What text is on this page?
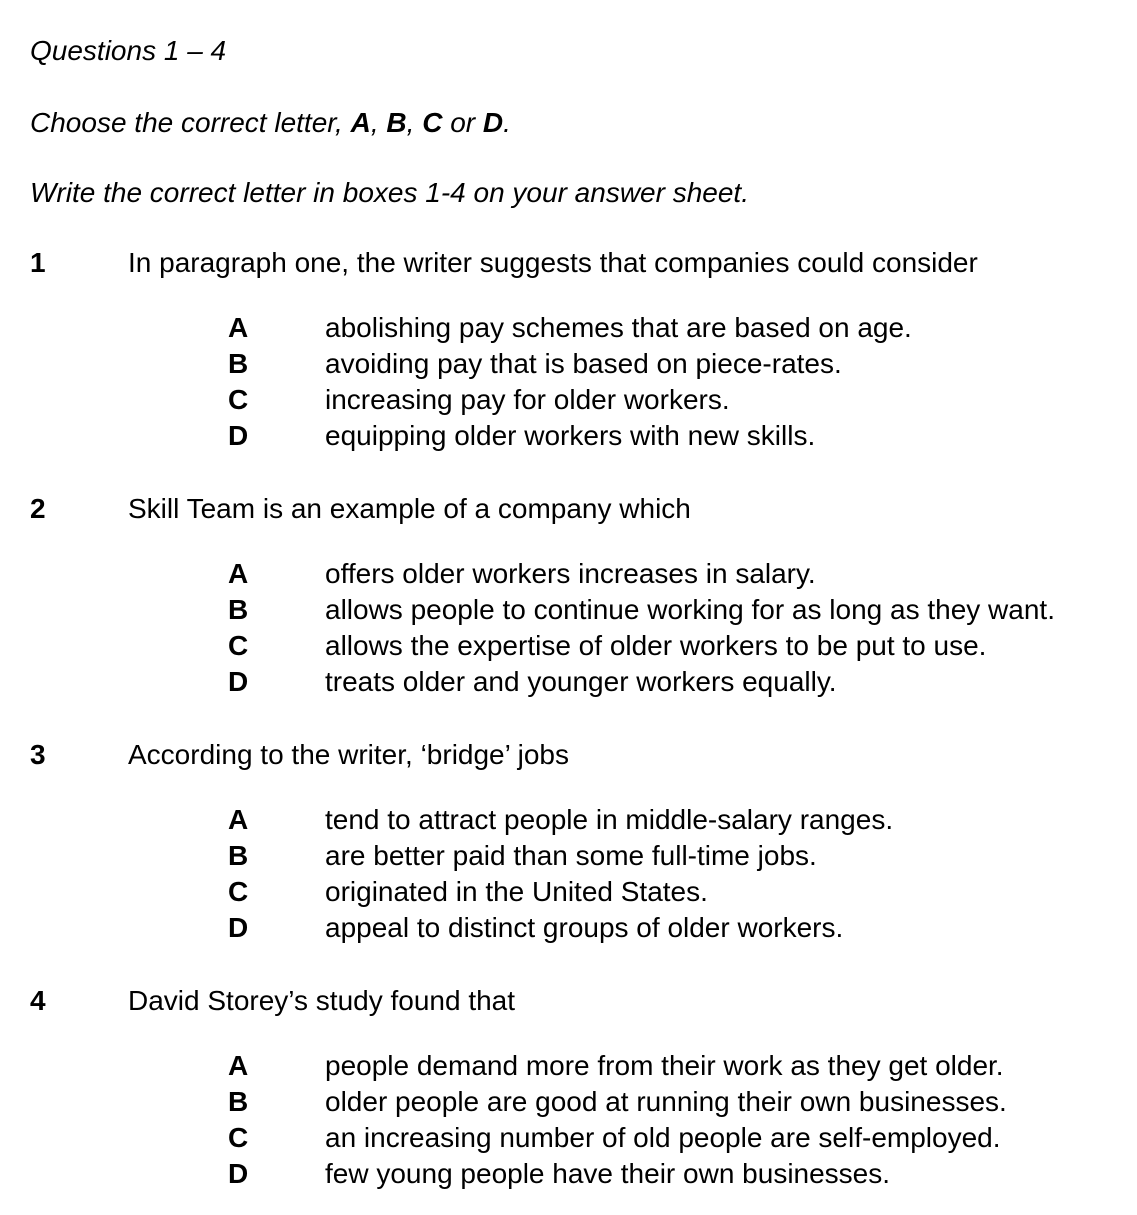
Questions 1 – 4

Choose the correct letter, A, B, C or D.

Write the correct letter in boxes 1-4 on your answer sheet.

1	In paragraph one, the writer suggests that companies could consider
A	abolishing pay schemes that are based on age.
B	avoiding pay that is based on piece-rates.
C	increasing pay for older workers.
D	equipping older workers with new skills.
2	Skill Team is an example of a company which
A	offers older workers increases in salary.
B	allows people to continue working for as long as they want.
C	allows the expertise of older workers to be put to use.
D	treats older and younger workers equally.
3	According to the writer, ‘bridge’ jobs
A	tend to attract people in middle-salary ranges.
B	are better paid than some full-time jobs.
C	originated in the United States.
D	appeal to distinct groups of older workers.
4	David Storey’s study found that
A	people demand more from their work as they get older.
B	older people are good at running their own businesses.
C	an increasing number of old people are self-employed.
D	few young people have their own businesses.
